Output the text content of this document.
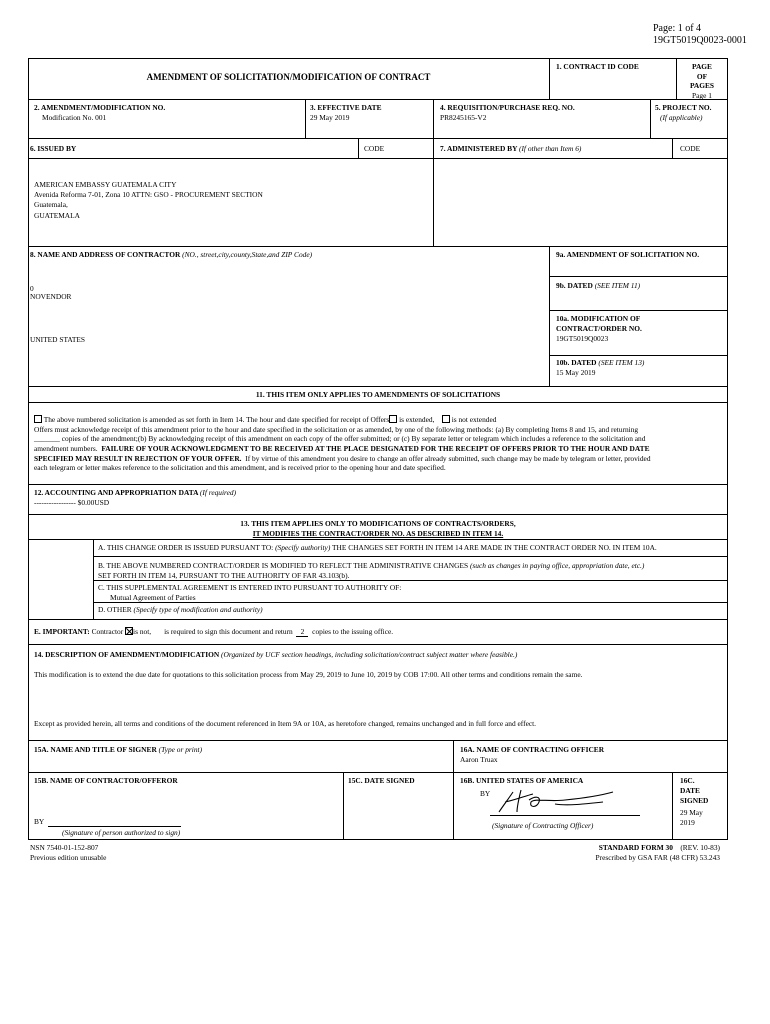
Page: 1 of 4
19GT5019Q0023-0001
AMENDMENT OF SOLICITATION/MODIFICATION OF CONTRACT
1. CONTRACT ID CODE	PAGE
OF
PAGES
Page 1
2. AMENDMENT/MODIFICATION NO.
Modification No. 001
3. EFFECTIVE DATE
29 May 2019
4. REQUISITION/PURCHASE REQ. NO.
PR8245165-V2
5. PROJECT NO.
(If applicable)
6. ISSUED BY	CODE	7. ADMINISTERED BY (If other than Item 6)	CODE
AMERICAN EMBASSY GUATEMALA CITY
Avenida Reforma 7-01, Zona 10 ATTN: GSO - PROCUREMENT SECTION
Guatemala,
GUATEMALA
8. NAME AND ADDRESS OF CONTRACTOR (NO., street,city,county,State,and ZIP Code)
0
NOVENDOR
UNITED STATES
9a. AMENDMENT OF SOLICITATION NO.
9b. DATED (SEE ITEM 11)
10a. MODIFICATION OF
CONTRACT/ORDER NO.
19GT5019Q0023
10b. DATED (SEE ITEM 13)
15 May 2019
11. THIS ITEM ONLY APPLIES TO AMENDMENTS OF SOLICITATIONS
The above numbered solicitation is amended as set forth in Item 14. The hour and date specified for receipt of Offers is extended, is not extended
Offers must acknowledge receipt of this amendment prior to the hour and date specified in the solicitation or as amended, by one of the following methods: (a) By completing Items 8 and 15, and returning
_______ copies of the amendment;(b) By acknowledging receipt of this amendment on each copy of the offer submitted; or (c) By separate letter or telegram which includes a reference to the solicitation and
amendment numbers. FAILURE OF YOUR ACKNOWLEDGMENT TO BE RECEIVED AT THE PLACE DESIGNATED FOR THE RECEIPT OF OFFERS PRIOR TO THE HOUR AND DATE
SPECIFIED MAY RESULT IN REJECTION OF YOUR OFFER. If by virtue of this amendment you desire to change an offer already submitted, such change may be made by telegram or letter, provided
each telegram or letter makes reference to the solicitation and this amendment, and is received prior to the opening hour and date specified.
12. ACCOUNTING AND APPROPRIATION DATA (If required)
----------------- $0.00USD
13. THIS ITEM APPLIES ONLY TO MODIFICATIONS OF CONTRACTS/ORDERS,
IT MODIFIES THE CONTRACT/ORDER NO. AS DESCRIBED IN ITEM 14.
A. THIS CHANGE ORDER IS ISSUED PURSUANT TO: (Specify authority) THE CHANGES SET FORTH IN ITEM 14 ARE MADE IN THE CONTRACT ORDER NO. IN ITEM 10A.
B. THE ABOVE NUMBERED CONTRACT/ORDER IS MODIFIED TO REFLECT THE ADMINISTRATIVE CHANGES (such as changes in paying office, appropriation date, etc.)
SET FORTH IN ITEM 14, PURSUANT TO THE AUTHORITY OF FAR 43.103(b).
C. THIS SUPPLEMENTAL AGREEMENT IS ENTERED INTO PURSUANT TO AUTHORITY OF:
Mutual Agreement of Parties
D. OTHER (Specify type of modification and authority)
E. IMPORTANT: Contractor is not, is required to sign this document and return 2 copies to the issuing office.
14. DESCRIPTION OF AMENDMENT/MODIFICATION (Organized by UCF section headings, including solicitation/contract subject matter where feasible.)
This modification is to extend the due date for quotations to this solicitation process from May 29, 2019 to June 10, 2019 by COB 17:00. All other terms and conditions remain the same.
Except as provided herein, all terms and conditions of the document referenced in Item 9A or 10A, as heretofore changed, remains unchanged and in full force and effect.
15A. NAME AND TITLE OF SIGNER (Type or print)	16A. NAME OF CONTRACTING OFFICER
Aaron Truax
15B. NAME OF CONTRACTOR/OFFEROR
BY
(Signature of person authorized to sign)
15C. DATE SIGNED	16B. UNITED STATES OF AMERICA
BY
(Signature of Contracting Officer)
16C.
DATE
SIGNED
29 May
2019
NSN 7540-01-152-807
Previous edition unusable
STANDARD FORM 30 (REV. 10-83)
Prescribed by GSA FAR (48 CFR) 53.243
